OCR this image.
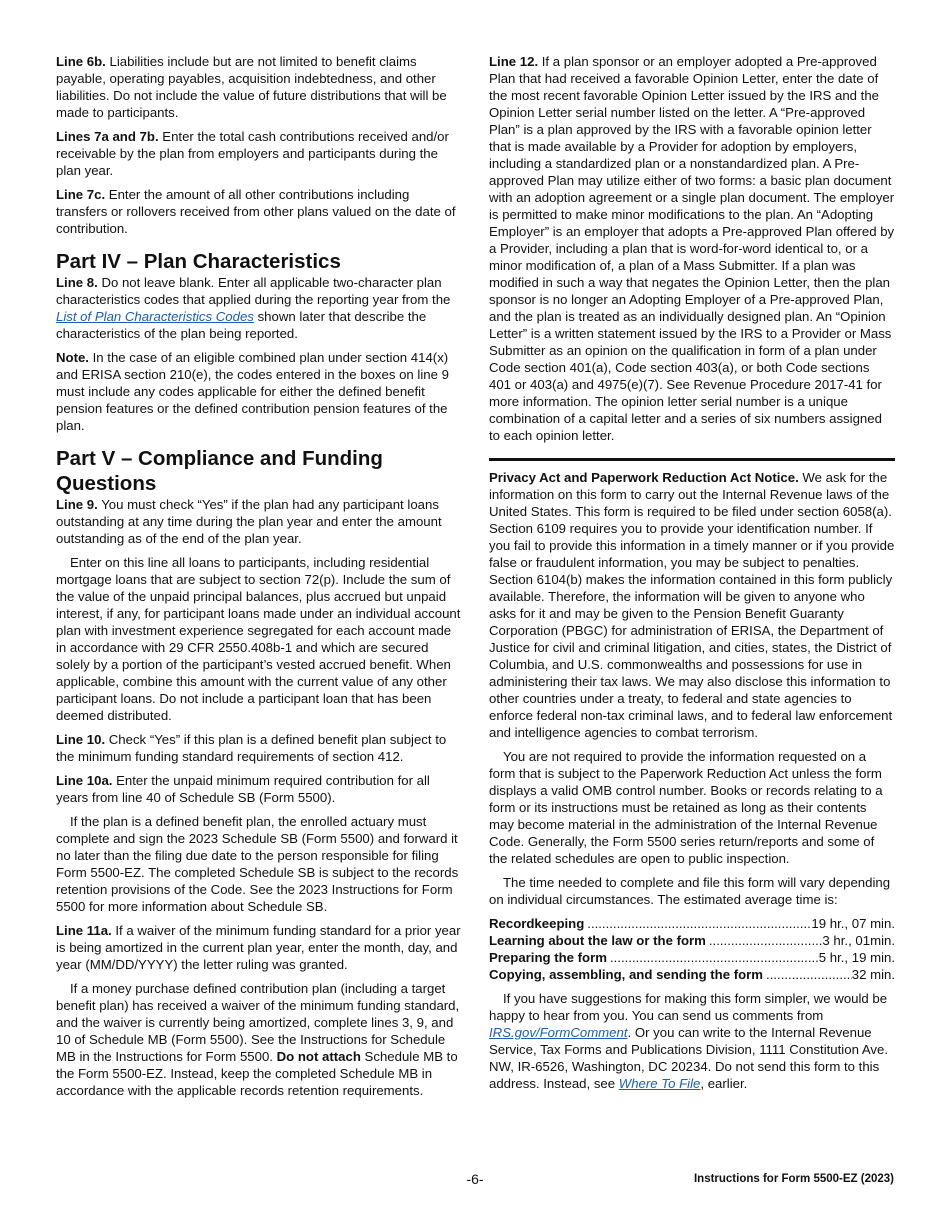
Line 6b. Liabilities include but are not limited to benefit claims payable, operating payables, acquisition indebtedness, and other liabilities. Do not include the value of future distributions that will be made to participants.

Lines 7a and 7b. Enter the total cash contributions received and/or receivable by the plan from employers and participants during the plan year.

Line 7c. Enter the amount of all other contributions including transfers or rollovers received from other plans valued on the date of contribution.

Part IV – Plan Characteristics

Line 8. Do not leave blank. Enter all applicable two-character plan characteristics codes that applied during the reporting year from the List of Plan Characteristics Codes shown later that describe the characteristics of the plan being reported.

Note. In the case of an eligible combined plan under section 414(x) and ERISA section 210(e), the codes entered in the boxes on line 9 must include any codes applicable for either the defined benefit pension features or the defined contribution pension features of the plan.

Part V – Compliance and Funding Questions

Line 9. You must check “Yes” if the plan had any participant loans outstanding at any time during the plan year and enter the amount outstanding as of the end of the plan year.

Enter on this line all loans to participants, including residential mortgage loans that are subject to section 72(p). Include the sum of the value of the unpaid principal balances, plus accrued but unpaid interest, if any, for participant loans made under an individual account plan with investment experience segregated for each account made in accordance with 29 CFR 2550.408b-1 and which are secured solely by a portion of the participant’s vested accrued benefit. When applicable, combine this amount with the current value of any other participant loans. Do not include a participant loan that has been deemed distributed.

Line 10. Check “Yes” if this plan is a defined benefit plan subject to the minimum funding standard requirements of section 412.

Line 10a. Enter the unpaid minimum required contribution for all years from line 40 of Schedule SB (Form 5500).

If the plan is a defined benefit plan, the enrolled actuary must complete and sign the 2023 Schedule SB (Form 5500) and forward it no later than the filing due date to the person responsible for filing Form 5500-EZ. The completed Schedule SB is subject to the records retention provisions of the Code. See the 2023 Instructions for Form 5500 for more information about Schedule SB.

Line 11a. If a waiver of the minimum funding standard for a prior year is being amortized in the current plan year, enter the month, day, and year (MM/DD/YYYY) the letter ruling was granted.

If a money purchase defined contribution plan (including a target benefit plan) has received a waiver of the minimum funding standard, and the waiver is currently being amortized, complete lines 3, 9, and 10 of Schedule MB (Form 5500). See the Instructions for Schedule MB in the Instructions for Form 5500. Do not attach Schedule MB to the Form 5500-EZ. Instead, keep the completed Schedule MB in accordance with the applicable records retention requirements.

Line 12. If a plan sponsor or an employer adopted a Pre-approved Plan that had received a favorable Opinion Letter, enter the date of the most recent favorable Opinion Letter issued by the IRS and the Opinion Letter serial number listed on the letter. A “Pre-approved Plan” is a plan approved by the IRS with a favorable opinion letter that is made available by a Provider for adoption by employers, including a standardized plan or a nonstandardized plan. A Pre-approved Plan may utilize either of two forms: a basic plan document with an adoption agreement or a single plan document. The employer is permitted to make minor modifications to the plan. An “Adopting Employer” is an employer that adopts a Pre-approved Plan offered by a Provider, including a plan that is word-for-word identical to, or a minor modification of, a plan of a Mass Submitter. If a plan was modified in such a way that negates the Opinion Letter, then the plan sponsor is no longer an Adopting Employer of a Pre-approved Plan, and the plan is treated as an individually designed plan. An “Opinion Letter” is a written statement issued by the IRS to a Provider or Mass Submitter as an opinion on the qualification in form of a plan under Code section 401(a), Code section 403(a), or both Code sections 401 or 403(a) and 4975(e)(7). See Revenue Procedure 2017-41 for more information. The opinion letter serial number is a unique combination of a capital letter and a series of six numbers assigned to each opinion letter.

Privacy Act and Paperwork Reduction Act Notice. We ask for the information on this form to carry out the Internal Revenue laws of the United States. This form is required to be filed under section 6058(a). Section 6109 requires you to provide your identification number. If you fail to provide this information in a timely manner or if you provide false or fraudulent information, you may be subject to penalties. Section 6104(b) makes the information contained in this form publicly available. Therefore, the information will be given to anyone who asks for it and may be given to the Pension Benefit Guaranty Corporation (PBGC) for administration of ERISA, the Department of Justice for civil and criminal litigation, and cities, states, the District of Columbia, and U.S. commonwealths and possessions for use in administering their tax laws. We may also disclose this information to other countries under a treaty, to federal and state agencies to enforce federal non-tax criminal laws, and to federal law enforcement and intelligence agencies to combat terrorism.

You are not required to provide the information requested on a form that is subject to the Paperwork Reduction Act unless the form displays a valid OMB control number. Books or records relating to a form or its instructions must be retained as long as their contents may become material in the administration of the Internal Revenue Code. Generally, the Form 5500 series return/reports and some of the related schedules are open to public inspection.

The time needed to complete and file this form will vary depending on individual circumstances. The estimated average time is:

Recordkeeping .....	19 hr., 07 min.
Learning about the law or the form .....	3 hr., 01min.
Preparing the form .....	5 hr., 19 min.
Copying, assembling, and sending the form .....	32 min.

If you have suggestions for making this form simpler, we would be happy to hear from you. You can send us comments from IRS.gov/FormComment. Or you can write to the Internal Revenue Service, Tax Forms and Publications Division, 1111 Constitution Ave. NW, IR-6526, Washington, DC 20234. Do not send this form to this address. Instead, see Where To File, earlier.

-6-	Instructions for Form 5500-EZ (2023)
